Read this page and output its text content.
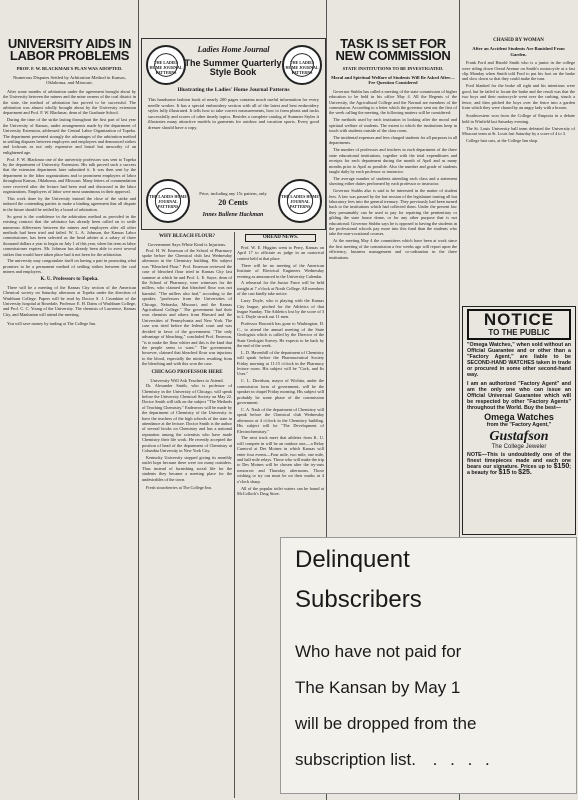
UNIVERSITY AIDS IN LABOR PROBLEMS
PROF. F. W. BLACKMAR'S PLAN WAS ADOPTED.
Numerous Disputes Settled by Arbitration Method in Kansas, Oklahoma, and Missouri.

After some months of arbitration under the agreement brought about by the University between the miners and the mine owners of the coal district in the state, the method of arbitration has proved to be successful. The arbitration was almost wholly brought about by the University extension department and Prof. F. W. Blackmar, dean of the Graduate School.

During the time of the strike lasting throughout the first part of last year the University of Kansas, under arrangements made by the department of University Extension, addressed the Central Labor Organization of Topeka. The department presented strongly the advantages of the arbitration method in settling disputes between employers and employees and denounced strikes and lockouts as not only expensive and brutal but unworthy of an enlightened age.

Prof. F. W. Blackmar one of the university professors was sent to Topeka by the department of University Extension. His talk proved such a success that the extension department later submitted it. It was then sent by the department to the labor organizations and to prominent employers of labor throughout Kansas, Oklahoma, and Missouri. Many letters of commendation were received after the lecture had been read and discussed in the labor organizations. Employers of labor were most unanimous in their approval.

This work done by the University instead the close of the strike and induced the contending parties to make a binding agreement that all dispute in the future should be settled by a board of arbitration.

So great is the confidence in the arbitration method as provided in the existing contract that the arbitrator has already been called on to settle numerous differences between the miners and employees after all other methods had been tried and failed. W. L. A. Johnson, the Kansas Labor commissioner, has been selected as the head arbiter at a salary of three thousand dollars a year to begin on July 1 of this year, when his term as labor commissioner expires. Mr. Johnson has already been able to avert several strikes that would have taken place had it not been for the arbitration.

The university may congratulate itself on having a part in promoting what promises to be a permanent method of settling strikes between the coal miners and employers.

K. U. Professors to Topeka.

There will be a meeting of the Kansas City section of the American Chemical society on Saturday afternoon at Topeka under the direction of Washburn College. Papers will be read by Doctor S. J. Crumbine of the University hospital at Rosedale, Professor E. H. Dains of Washburn College, and Prof. C. C. Young of the University. The chemists of Lawrence, Kansas City, and Manhattan will attend the meeting.

You will save money by trading at The College Inn.

Ladies Home Journal
THE LADIES HOME JOURNAL PATTERNS
THE LADIES HOME JOURNAL PATTERNS
The Summer Quarterly Style Book
Illustrating the Ladies' Home Journal Patterns
This handsome fashion book of nearly 200 pages contains much useful information for every needle worker. It has a special embroidery section with all of the latest and best embroidery styles fully illustrated. It tells how to take correct measurements, how to form pleats and tucks successfully and scores of other timely topics. Besides a complete catalog of Summer Styles it illustrates many attractive models in garments for outdoor and vacation sports. Every good dresser should have a copy.
THE LADIES HOME JOURNAL PATTERNS
THE LADIES HOME JOURNAL PATTERNS
Price, including any 15c pattern, only
20 Cents
Innes Bullene Hackman
WHY BLEACH FLOUR?
Government Says White Kind is Injurious.

Prof. H. W. Emerson of the School of Pharmacy spoke before the Chemical club last Wednesday afternoon in the Chemistry building. His subject was "Bleached Flour." Prof. Emerson reviewed the case of bleached flour tried in Kansas City last summer at which he and Prof. L. E. Sayre, dean of the School of Pharmacy, were witnesses for the millers, who claimed that bleached flour was not harmful. "The millers also had," according to the speaker, "professors from the Universities of Chicago, Nebraska, Missouri, and the Kansas Agricultural College." The government had their own chemists and others from Harvard and the Universities of Pennsylvania and New York. The case was tried before the federal court and was decided in favor of the government. "The only advantage of bleaching," concluded Prof. Emerson, "is to make the flour whiter and this is the kind that the people seem to want." The government, however, claimed that bleached flour was injurious to the blood, especially the nitrites resulting from the bleaching and with this won the case.

CHICAGO PROFESSOR HERE
University Will Ask Teachers to Attend.

Dr. Alexander Smith, who is professor of Chemistry in the University of Chicago, will speak before the University Chemical Society on May 22. Doctor Smith will talk on the subject "The Methods of Teaching Chemistry." Endeavors will be made by the department of Chemistry of the University to have the teachers of the high schools of the state in attendance at the lecture. Doctor Smith is the author of several books on Chemistry and has a national reputation among the scientists who have made Chemistry their life work. He recently accepted the position of head of the department of Chemistry at Columbia University in New York City.

Kentucky University stopped giving its monthly outlet hops because there were too many outsiders. Thus instead of furnishing social life for the students they became a meeting place for the undesirables of the town.

Fresh strawberries at The College Inn.

OREAD NEWS.

Prof. W. E. Higgins went to Perry, Kansas on April 17 to officiate as judge in an oratorical contest held at that place.

There will be no meeting of the American Institute of Electrical Engineers Wednesday evening as announced in the University Calendar.

A rehearsal for the Junior Farce will be held tonight at 7 o'clock at North College. All members of the cast kindly take notice.

Larry Doyle, who is playing with the Kansas City league, pitched for the Athletics of that league Sunday. The Athletics lost by the score of 3 to 2. Doyle struck out 11 men.

Professor Haworth has gone to Washington, D. C., to attend the annual meeting of the State Geologists which is called by the Director of the State Geologist Survey. He expects to be back by the end of the week.

L. D. Havenhill of the department of Chemistry will speak before the Pharmaceutical Society Friday morning at 11:15 o'clock in the Pharmacy lecture room. His subject will be "Cork, and Its Uses."

C. L. Davidson, mayor of Wichita, under the commission form of government, will be the speaker in chapel Friday morning. His subject will probably be some phase of the commission government.

C. A. Nash of the department of Chemistry will speak before the Chemical club Wednesday afternoon at 4 o'clock in the Chemistry building. His subject will be "The Development of Electrochemistry."

The next track meet that athletes from K. U. will compete in will be an outdoor one,—a Relay Carnival at Des Moines in which Kansas will enter four events—Four mile, two mile, one mile, and half mile relays. Those who will make the trip to Des Moines will be chosen after the try-outs tomorrow and Thursday afternoons. Those wishing to try out must be on their marks at 4 o'clock sharp.

All of the popular toilet waters can be found at McColloch's Drug Store.

TASK IS SET FOR NEW COMMISSION
STATE INSTITUTIONS TO BE INVESTIGATED.
Moral and Spiritual Welfare of Students Will Be Asked After—Fee Question Considered

Governor Stubbs has called a meeting of the state commission of higher education to be held in his office May 4. All the Regents of the University, the Agricultural College and the Normal are members of the commission. According to a letter which the governor sent out the first of the week calling the meeting, the following matters will be considered:

The methods used by each institution in looking after the moral and spiritual welfare of students. The extent to which the institutions keep in touch with students outside of the class room.

The incidental expenses and fees charged students for all purposes in all departments.

The number of professors and teachers in each department of the three state educational institutions, together with the total expenditures and receipts for each department during the month of April and as many months prior to April as possible. Also the number and grade of students taught daily by each professor or instructor.

The average number of students attending each class and a statement showing either duties performed by each professor or instructor.

Governor Stubbs also is said to be interested in the matter of student fees. A law was passed by the last session of the legislature turning all but laboratory fees into the general treasury. They previously had been turned back to the institutions which had collected them. Under the present law they presumably can be used to pay for repairing the penitentiary or gilding the state house dome, or for any other purpose that is not educational. Governor Stubbs says he is opposed to having the students in the professional schools pay more into this fund than the students who take the non-vocational courses.

At the meeting May 4 the committees which have been at work since the first meeting of the commission a few weeks ago will report upon the efficiency, business management and co-ordination in the three institutions.

CHASED BY WOMAN
After an Accident Students Are Banished From Garden.

Frank Ford and Harold Smith who is a junior in the college were riding down Oread Avenue on Smith's motorcycle at a fast clip Monday when Smith told Ford to put his foot on the brake and slow down so that they could make the turn.

Ford blanked for the brake all right and his intentions were good, but he failed to locate the brake and the result was that the two boys and their motorcycle went over the curbing, struck a fence, and then pitched the boys over the fence into a garden from which they were chased by an angry lady with a broom.

Southwestern won from the College of Emporia in a debate held in Winfield last Saturday evening.

The St. Louis University ball team defeated the University of Missouri team at St. Louis last Saturday by a score of 4 to 3.

College hair cuts, at the College Inn shop.

NOTICE
TO THE PUBLIC
"Omega Watches," when sold without an Official Guarantee and or other than a "Factory Agent," are liable to be SECOND-HAND WATCHES taken in trade or procured in some other second-hand way.
I am an authorized "Factory Agent" and am the only one who can issue an Official Universal Guarantee which will be respected by other "Factory Agents" throughout the World. Buy the best—
Omega Watches
from the "Factory Agent,"
Gustafson
The College Jeweler
NOTE—This is undoubtedly one of the finest timepieces made and each one bears our signature. Prices up to $150; a beauty for $15 to $25.
Delinquent
Subscribers
Who have not paid for
The Kansan by May 1
will be dropped from the
subscription list. . . . .
